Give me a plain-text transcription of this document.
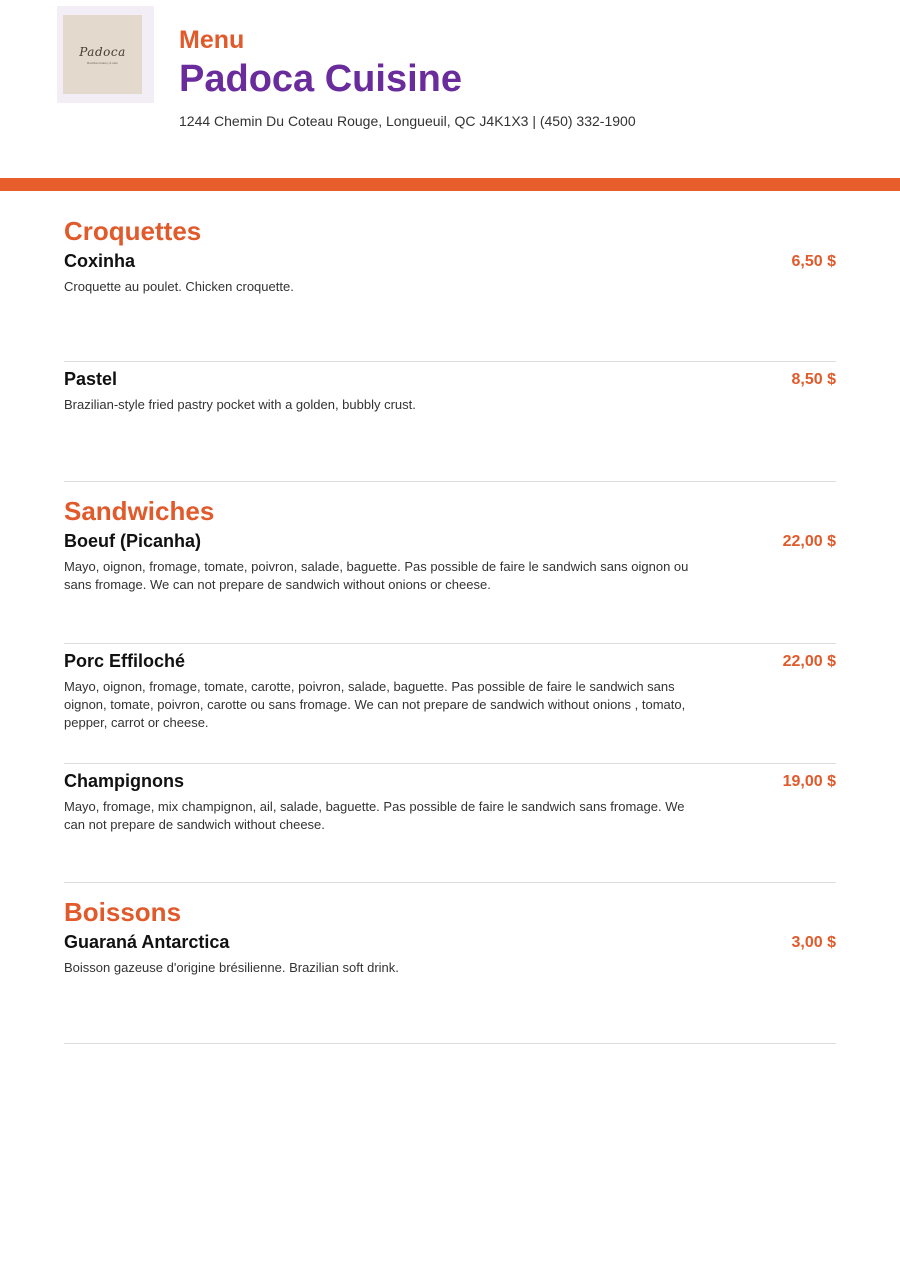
Padoca
Brazilian bakery & cafe
Menu
Padoca Cuisine
1244 Chemin Du Coteau Rouge, Longueuil, QC J4K1X3 | (450) 332-1900
Croquettes
Coxinha	6,50 $
Croquette au poulet. Chicken croquette.
Pastel	8,50 $
Brazilian-style fried pastry pocket with a golden, bubbly crust.
Sandwiches
Boeuf (Picanha)	22,00 $
Mayo, oignon, fromage, tomate, poivron, salade, baguette. Pas possible de faire le sandwich sans oignon ou sans fromage. We can not prepare de sandwich without onions or cheese.
Porc Effiloché	22,00 $
Mayo, oignon, fromage, tomate, carotte, poivron, salade, baguette. Pas possible de faire le sandwich sans oignon, tomate, poivron, carotte ou sans fromage. We can not prepare de sandwich without onions , tomato, pepper, carrot or cheese.
Champignons	19,00 $
Mayo, fromage, mix champignon, ail, salade, baguette. Pas possible de faire le sandwich sans fromage. We can not prepare de sandwich without cheese.
Boissons
Guaraná Antarctica	3,00 $
Boisson gazeuse d'origine brésilienne. Brazilian soft drink.
